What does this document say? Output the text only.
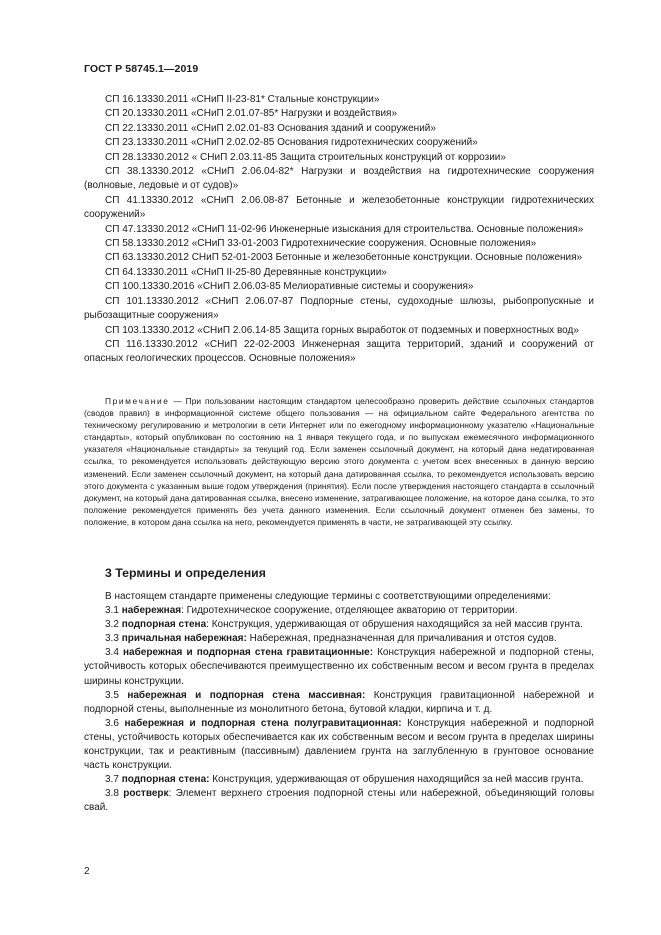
ГОСТ Р 58745.1—2019

СП 16.13330.2011 «СНиП II-23-81* Стальные конструкции»

СП 20.13330.2011 «СНиП 2.01.07-85* Нагрузки и воздействия»

СП 22.13330.2011 «СНиП 2.02.01-83 Основания зданий и сооружений»

СП 23.13330.2011 «СНиП 2.02.02-85 Основания гидротехнических сооружений»

СП 28.13330.2012 « СНиП 2.03.11-85 Защита строительных конструкций от коррозии»

СП 38.13330.2012 «СНиП 2.06.04-82* Нагрузки и воздействия на гидротехнические сооружения (волновые, ледовые и от судов)»

СП 41.13330.2012 «СНиП 2.06.08-87 Бетонные и железобетонные конструкции гидротехнических сооружений»

СП 47.13330.2012 «СНиП 11-02-96 Инженерные изыскания для строительства. Основные положения»

СП 58.13330.2012 «СНиП 33-01-2003 Гидротехнические сооружения. Основные положения»

СП 63.13330.2012 СНиП 52-01-2003 Бетонные и железобетонные конструкции. Основные положения»

СП 64.13330.2011 «СНиП II-25-80 Деревянные конструкции»

СП 100.13330.2016 «СНиП 2.06.03-85 Мелиоративные системы и сооружения»

СП 101.13330.2012 «СНиП 2.06.07-87 Подпорные стены, судоходные шлюзы, рыбопропускные и рыбозащитные сооружения»

СП 103.13330.2012 «СНиП 2.06.14-85 Защита горных выработок от подземных и поверхностных вод»

СП 116.13330.2012 «СНиП 22-02-2003 Инженерная защита территорий, зданий и сооружений от опасных геологических процессов. Основные положения»

Примечание — При пользовании настоящим стандартом целесообразно проверить действие ссылочных стандартов (сводов правил) в информационной системе общего пользования — на официальном сайте Федерального агентства по техническому регулированию и метрологии в сети Интернет или по ежегодному информационному указателю «Национальные стандарты», который опубликован по состоянию на 1 января текущего года, и по выпускам ежемесячного информационного указателя «Национальные стандарты» за текущий год. Если заменен ссылочный документ, на который дана недатированная ссылка, то рекомендуется использовать действующую версию этого документа с учетом всех внесенных в данную версию изменений. Если заменен ссылочный документ, на который дана датированная ссылка, то рекомендуется использовать версию этого документа с указанным выше годом утверждения (принятия). Если после утверждения настоящего стандарта в ссылочный документ, на который дана датированная ссылка, внесено изменение, затрагивающее положение, на которое дана ссылка, то это положение рекомендуется применять без учета данного изменения. Если ссылочный документ отменен без замены, то положение, в котором дана ссылка на него, рекомендуется применять в части, не затрагивающей эту ссылку.

3 Термины и определения

В настоящем стандарте применены следующие термины с соответствующими определениями:

3.1 набережная: Гидротехническое сооружение, отделяющее акваторию от территории.

3.2 подпорная стена: Конструкция, удерживающая от обрушения находящийся за ней массив грунта.

3.3 причальная набережная: Набережная, предназначенная для причаливания и отстоя судов.

3.4 набережная и подпорная стена гравитационные: Конструкция набережной и подпорной стены, устойчивость которых обеспечиваются преимущественно их собственным весом и весом грунта в пределах ширины конструкции.

3.5 набережная и подпорная стена массивная: Конструкция гравитационной набережной и подпорной стены, выполненные из монолитного бетона, бутовой кладки, кирпича и т. д.

3.6 набережная и подпорная стена полугравитационная: Конструкция набережной и подпорной стены, устойчивость которых обеспечивается как их собственным весом и весом грунта в пределах ширины конструкции, так и реактивным (пассивным) давлением грунта на заглубленную в грунтовое основание часть конструкции.

3.7 подпорная стена: Конструкция, удерживающая от обрушения находящийся за ней массив грунта.

3.8 ростверк: Элемент верхнего строения подпорной стены или набережной, объединяющий головы свай.

2
